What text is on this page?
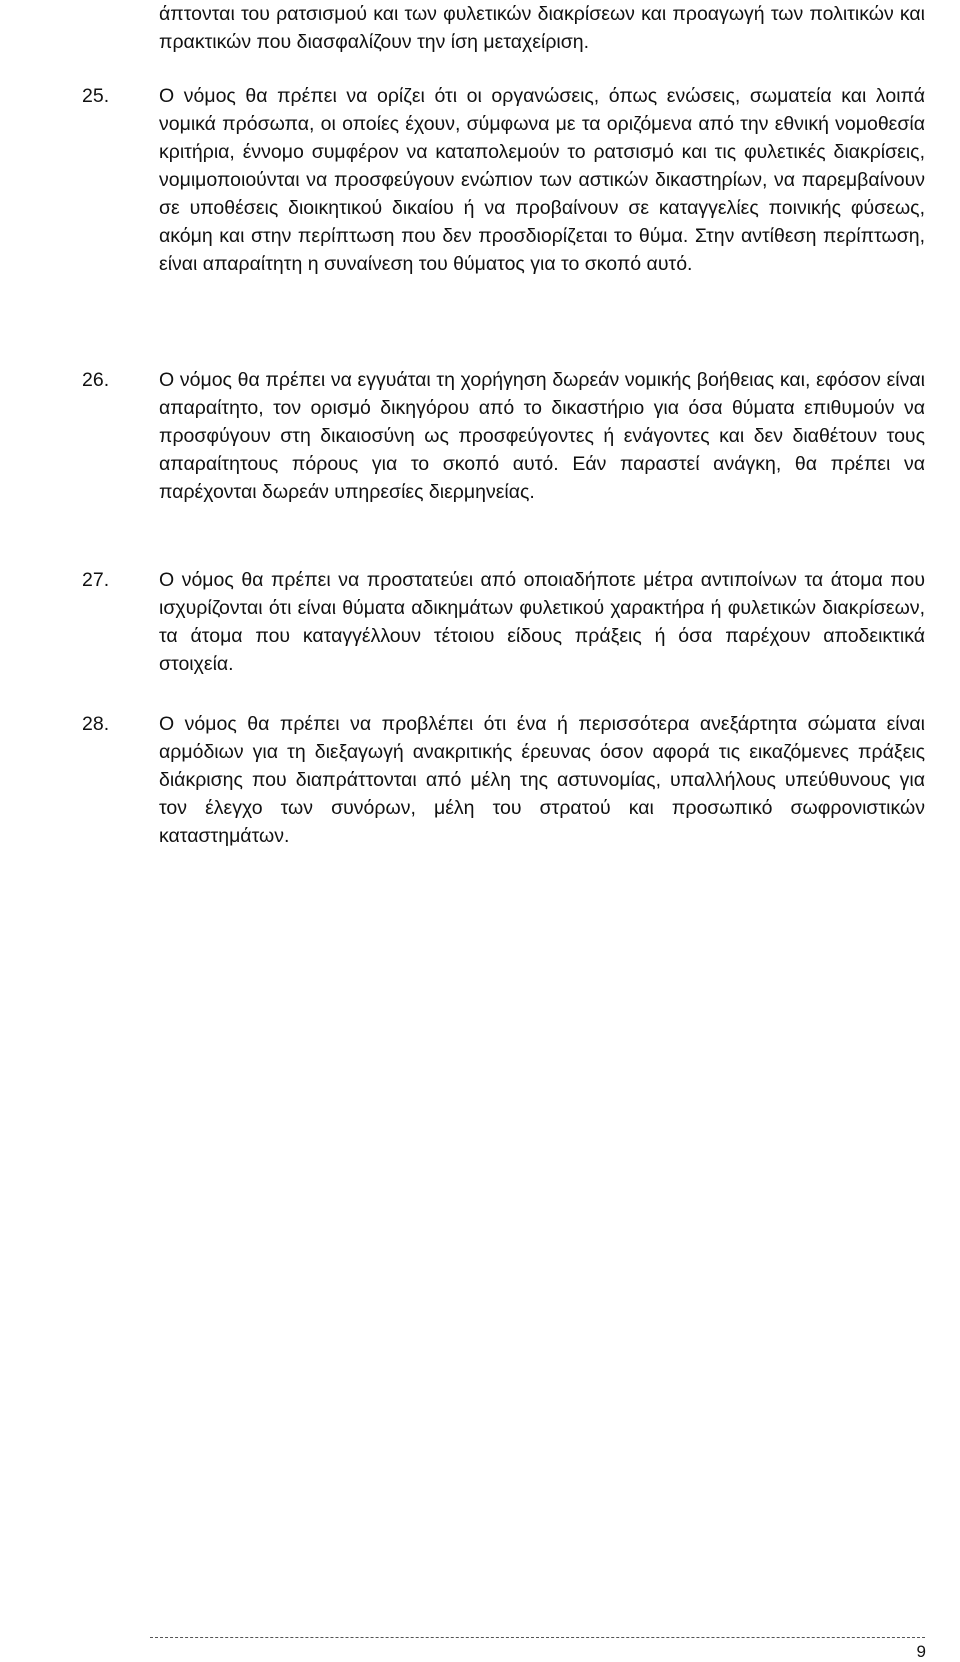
άπτονται του ρατσισμού και των φυλετικών διακρίσεων και προαγωγή των πολιτικών και πρακτικών που διασφαλίζουν την ίση μεταχείριση.

25.	Ο νόμος θα πρέπει να ορίζει ότι οι οργανώσεις, όπως ενώσεις, σωματεία και λοιπά νομικά πρόσωπα, οι οποίες έχουν, σύμφωνα με τα οριζόμενα από την εθνική νομοθεσία κριτήρια, έννομο συμφέρον να καταπολεμούν το ρατσισμό και τις φυλετικές διακρίσεις, νομιμοποιούνται να προσφεύγουν ενώπιον των αστικών δικαστηρίων, να παρεμβαίνουν σε υποθέσεις διοικητικού δικαίου ή να προβαίνουν σε καταγγελίες ποινικής φύσεως, ακόμη και στην περίπτωση που δεν προσδιορίζεται το θύμα. Στην αντίθεση περίπτωση, είναι απαραίτητη η συναίνεση του θύματος για το σκοπό αυτό.

26.	Ο νόμος θα πρέπει να εγγυάται τη χορήγηση δωρεάν νομικής βοήθειας και, εφόσον είναι απαραίτητο, τον ορισμό δικηγόρου από το δικαστήριο για όσα θύματα επιθυμούν να προσφύγουν στη δικαιοσύνη ως προσφεύγοντες ή ενάγοντες και δεν διαθέτουν τους απαραίτητους πόρους για το σκοπό αυτό. Εάν παραστεί ανάγκη, θα πρέπει να παρέχονται δωρεάν υπηρεσίες διερμηνείας.

27.	Ο νόμος θα πρέπει να προστατεύει από οποιαδήποτε μέτρα αντιποίνων τα άτομα που ισχυρίζονται ότι είναι θύματα αδικημάτων φυλετικού χαρακτήρα ή φυλετικών διακρίσεων, τα άτομα που καταγγέλλουν τέτοιου είδους πράξεις ή όσα παρέχουν αποδεικτικά στοιχεία.

28.	Ο νόμος θα πρέπει να προβλέπει ότι ένα ή περισσότερα ανεξάρτητα σώματα είναι αρμόδιων για τη διεξαγωγή ανακριτικής έρευνας όσον αφορά τις εικαζόμενες πράξεις διάκρισης που διαπράττονται από μέλη της αστυνομίας, υπαλλήλους υπεύθυνους για τον έλεγχο των συνόρων, μέλη του στρατού και προσωπικό σωφρονιστικών καταστημάτων.

9
